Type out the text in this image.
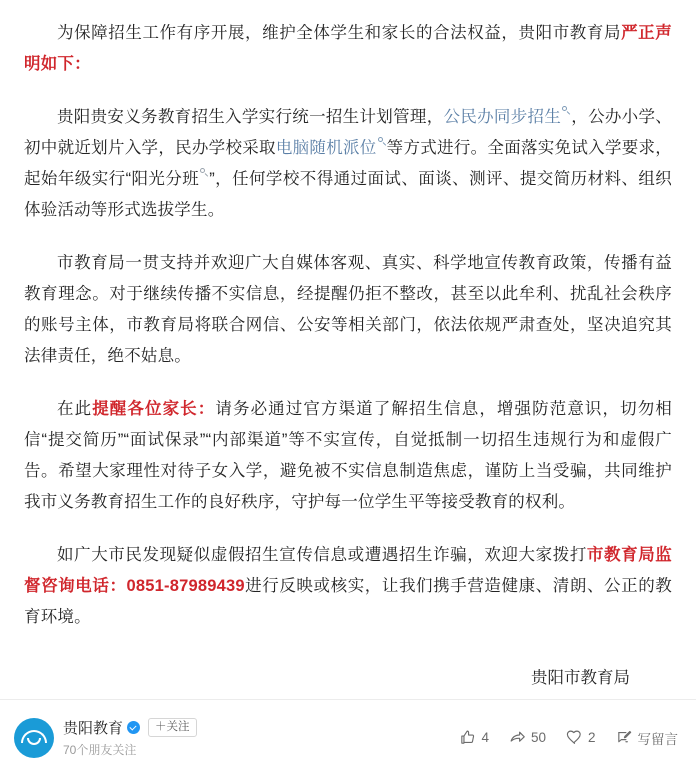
为保障招生工作有序开展，维护全体学生和家长的合法权益，贵阳市教育局严正声明如下：

贵阳贵安义务教育招生入学实行统一招生计划管理，公民办同步招生 ，公办小学、初中就近划片入学，民办学校采取电脑随机派位 等方式进行。全面落实免试入学要求，起始年级实行“阳光分班 ”，任何学校不得通过面试、面谈、测评、提交简历材料、组织体验活动等形式选拔学生。

市教育局一贯支持并欢迎广大自媒体客观、真实、科学地宣传教育政策，传播有益教育理念。对于继续传播不实信息，经提醒仍拒不整改，甚至以此牟利、扰乱社会秩序的账号主体，市教育局将联合网信、公安等相关部门，依法依规严肃查处，坚决追究其法律责任，绝不姑息。

在此提醒各位家长：请务必通过官方渠道了解招生信息，增强防范意识，切勿相信“提交简历”“面试保录”“内部渠道”等不实宣传，自觉抵制一切招生违规行为和虚假广告。希望大家理性对待子女入学，避免被不实信息制造焦虑，谨防上当受骗，共同维护我市义务教育招生工作的良好秩序，守护每一位学生平等接受教育的权利。

如广大市民发现疑似虚假招生宣传信息或遭遇招生诈骗，欢迎大家拨打市教育局监督咨询电话：0851-87989439进行反映或核实，让我们携手营造健康、清朗、公正的教育环境。

贵阳市教育局
贵阳教育	＋关注
70个朋友关注
4	50	2	写留言
